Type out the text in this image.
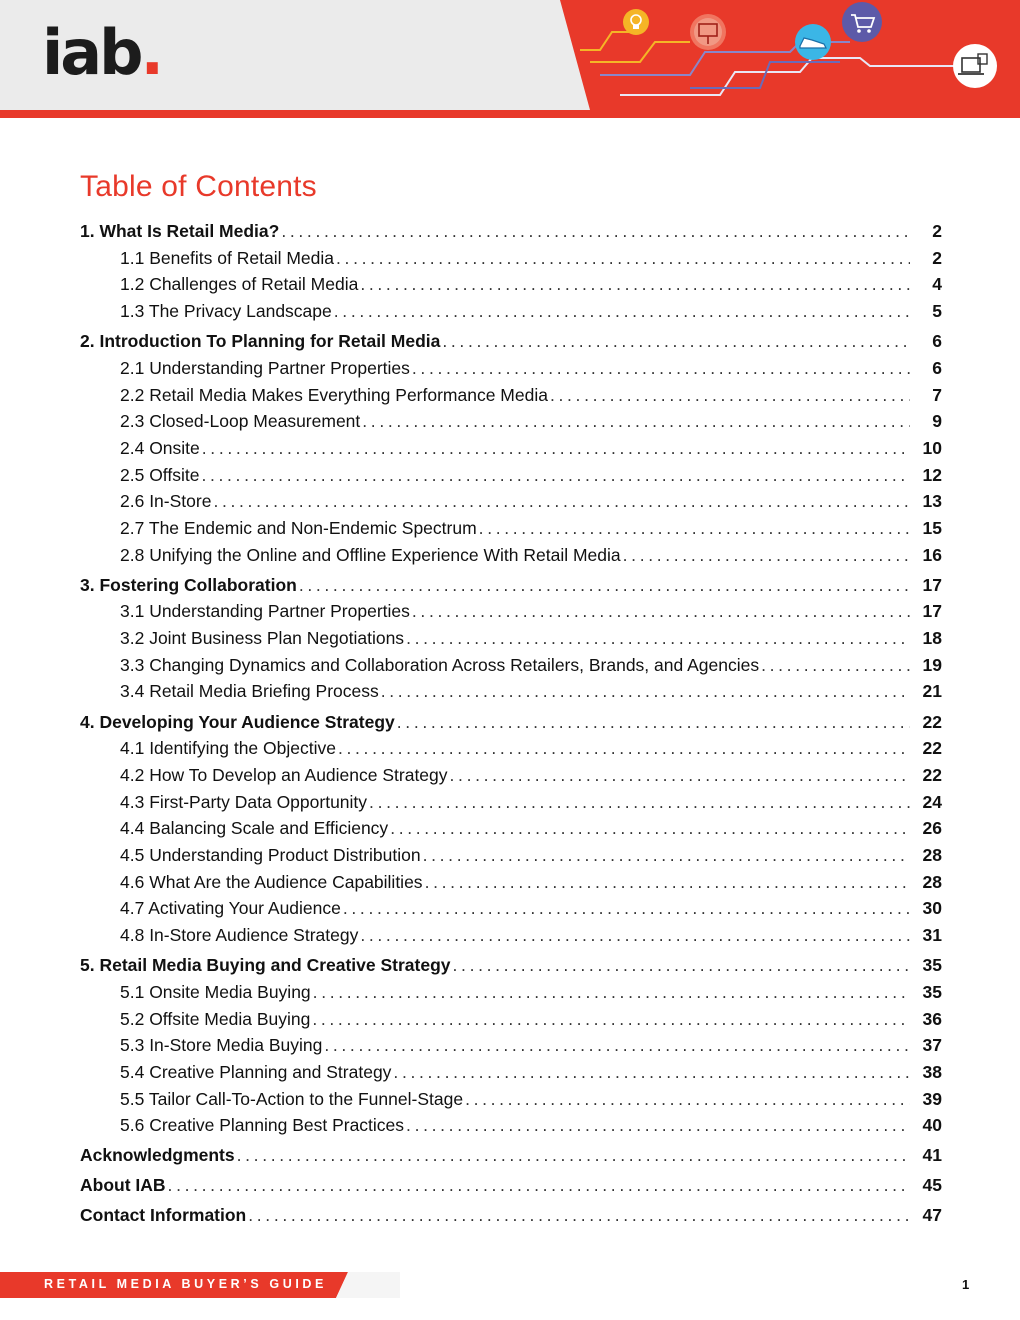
iab.
Table of Contents
1. What Is Retail Media? . . .	2
1.1 Benefits of Retail Media . . .	2
1.2 Challenges of Retail Media . . .	4
1.3 The Privacy Landscape . . .	5
2. Introduction To Planning for Retail Media . . .	6
2.1 Understanding Partner Properties . . .	6
2.2 Retail Media Makes Everything Performance Media . . .	7
2.3 Closed-Loop Measurement . . .	9
2.4 Onsite . . .	10
2.5 Offsite . . .	12
2.6 In-Store . . .	13
2.7 The Endemic and Non-Endemic Spectrum . . .	15
2.8 Unifying the Online and Offline Experience With Retail Media . . .	16
3. Fostering Collaboration . . .	17
3.1 Understanding Partner Properties . . .	17
3.2 Joint Business Plan Negotiations . . .	18
3.3 Changing Dynamics and Collaboration Across Retailers, Brands, and Agencies . . .	19
3.4 Retail Media Briefing Process . . .	21
4. Developing Your Audience Strategy . . .	22
4.1 Identifying the Objective . . .	22
4.2 How To Develop an Audience Strategy . . .	22
4.3 First-Party Data Opportunity . . .	24
4.4 Balancing Scale and Efficiency . . .	26
4.5 Understanding Product Distribution . . .	28
4.6 What Are the Audience Capabilities . . .	28
4.7 Activating Your Audience . . .	30
4.8 In-Store Audience Strategy . . .	31
5. Retail Media Buying and Creative Strategy . . .	35
5.1 Onsite Media Buying . . .	35
5.2 Offsite Media Buying . . .	36
5.3 In-Store Media Buying . . .	37
5.4 Creative Planning and Strategy . . .	38
5.5 Tailor Call-To-Action to the Funnel-Stage . . .	39
5.6 Creative Planning Best Practices . . .	40
Acknowledgments . . .	41
About IAB . . .	45
Contact Information . . .	47
RETAIL MEDIA BUYER’S GUIDE	1
